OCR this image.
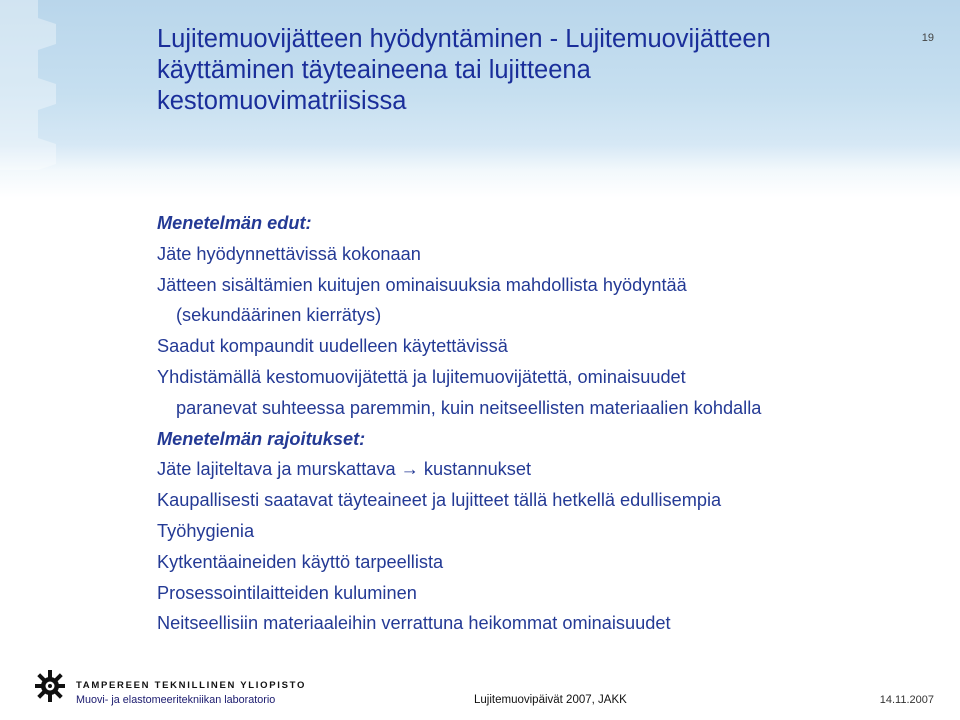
Lujitemuovijätteen hyödyntäminen - Lujitemuovijätteen
käyttäminen täyteaineena tai lujitteena
kestomuovimatriisissa
19
Menetelmän edut:
Jäte hyödynnettävissä kokonaan
Jätteen sisältämien kuitujen ominaisuuksia mahdollista hyödyntää
(sekundäärinen kierrätys)
Saadut kompaundit uudelleen käytettävissä
Yhdistämällä kestomuovijätettä ja lujitemuovijätettä, ominaisuudet
paranevat suhteessa paremmin, kuin neitseellisten materiaalien kohdalla
Menetelmän rajoitukset:
Jäte lajiteltava ja murskattava → kustannukset
Kaupallisesti saatavat täyteaineet ja lujitteet tällä hetkellä edullisempia
Työhygienia
Kytkentäaineiden käyttö tarpeellista
Prosessointilaitteiden kuluminen
Neitseellisiin materiaaleihin verrattuna heikommat ominaisuudet
TAMPEREEN TEKNILLINEN YLIOPISTO
Muovi- ja elastomeeritekniikan laboratorio	Lujitemuovipäivät 2007, JAKK	14.11.2007
